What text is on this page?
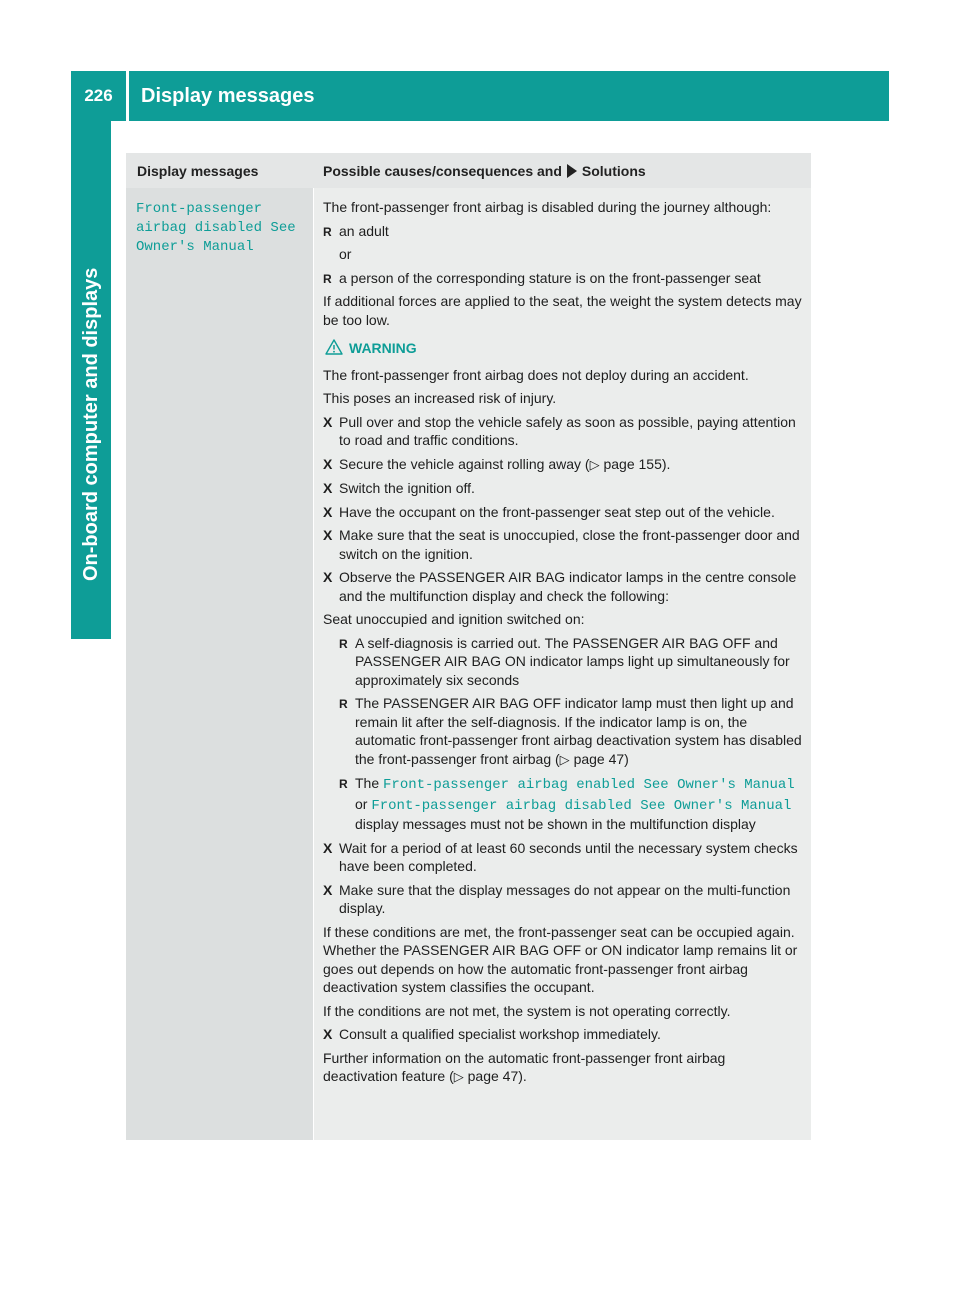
226	Display messages
On-board computer and displays
Display messages	Possible causes/consequences and Solutions
Front-passenger
airbag disabled See
Owner's Manual

The front-passenger front airbag is disabled during the journey although:

R an adult
or
R a person of the corresponding stature is on the front-passenger seat

If additional forces are applied to the seat, the weight the system detects may be too low.

WARNING

The front-passenger front airbag does not deploy during an accident.

This poses an increased risk of injury.

X Pull over and stop the vehicle safely as soon as possible, paying attention to road and traffic conditions.
X Secure the vehicle against rolling away (▷ page 155).
X Switch the ignition off.
X Have the occupant on the front-passenger seat step out of the vehicle.
X Make sure that the seat is unoccupied, close the front-passenger door and switch on the ignition.
X Observe the PASSENGER AIR BAG indicator lamps in the centre console and the multifunction display and check the following:

Seat unoccupied and ignition switched on:

R A self-diagnosis is carried out. The PASSENGER AIR BAG OFF and PASSENGER AIR BAG ON indicator lamps light up simultaneously for approximately six seconds
R The PASSENGER AIR BAG OFF indicator lamp must then light up and remain lit after the self-diagnosis. If the indicator lamp is on, the automatic front-passenger front airbag deactivation system has disabled the front-passenger front airbag (▷ page 47)
R The Front-passenger airbag enabled See Owner's Manual or Front-passenger airbag disabled See Owner's Manual display messages must not be shown in the multifunction display
X Wait for a period of at least 60 seconds until the necessary system checks have been completed.
X Make sure that the display messages do not appear on the multi-function display.

If these conditions are met, the front-passenger seat can be occupied again. Whether the PASSENGER AIR BAG OFF or ON indicator lamp remains lit or goes out depends on how the automatic front-passenger front airbag deactivation system classifies the occupant.

If the conditions are not met, the system is not operating correctly.

X Consult a qualified specialist workshop immediately.

Further information on the automatic front-passenger front airbag deactivation feature (▷ page 47).
